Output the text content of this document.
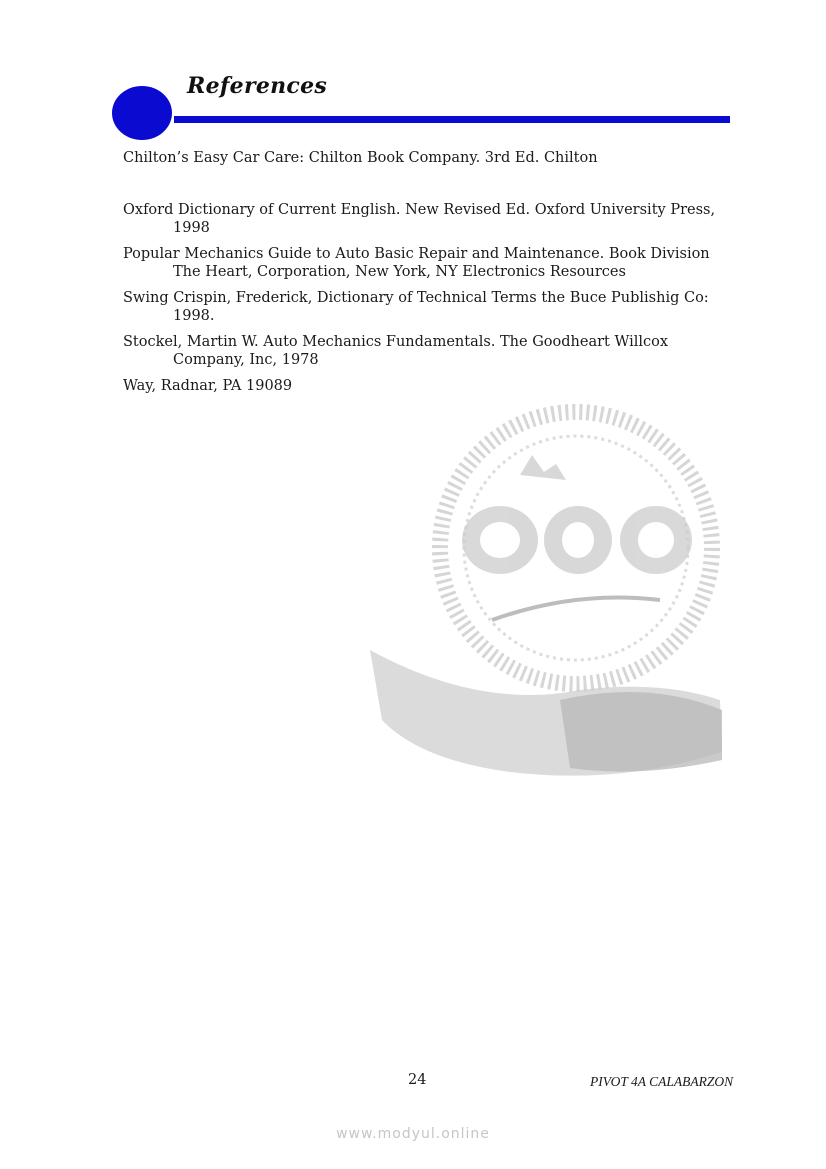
References

Chilton’s Easy Car Care: Chilton Book Company. 3rd Ed. Chilton

Oxford Dictionary of Current English. New Revised Ed. Oxford University Press, 1998

Popular Mechanics Guide to Auto Basic Repair and Maintenance. Book Division The Heart, Corporation, New York, NY Electronics Resources

Swing Crispin, Frederick, Dictionary of Technical Terms the Buce Publishig Co: 1998.

Stockel, Martin W. Auto Mechanics Fundamentals. The Goodheart Willcox Company, Inc, 1978

Way, Radnar, PA 19089

24	PIVOT 4A CALABARZON
www.modyul.online
